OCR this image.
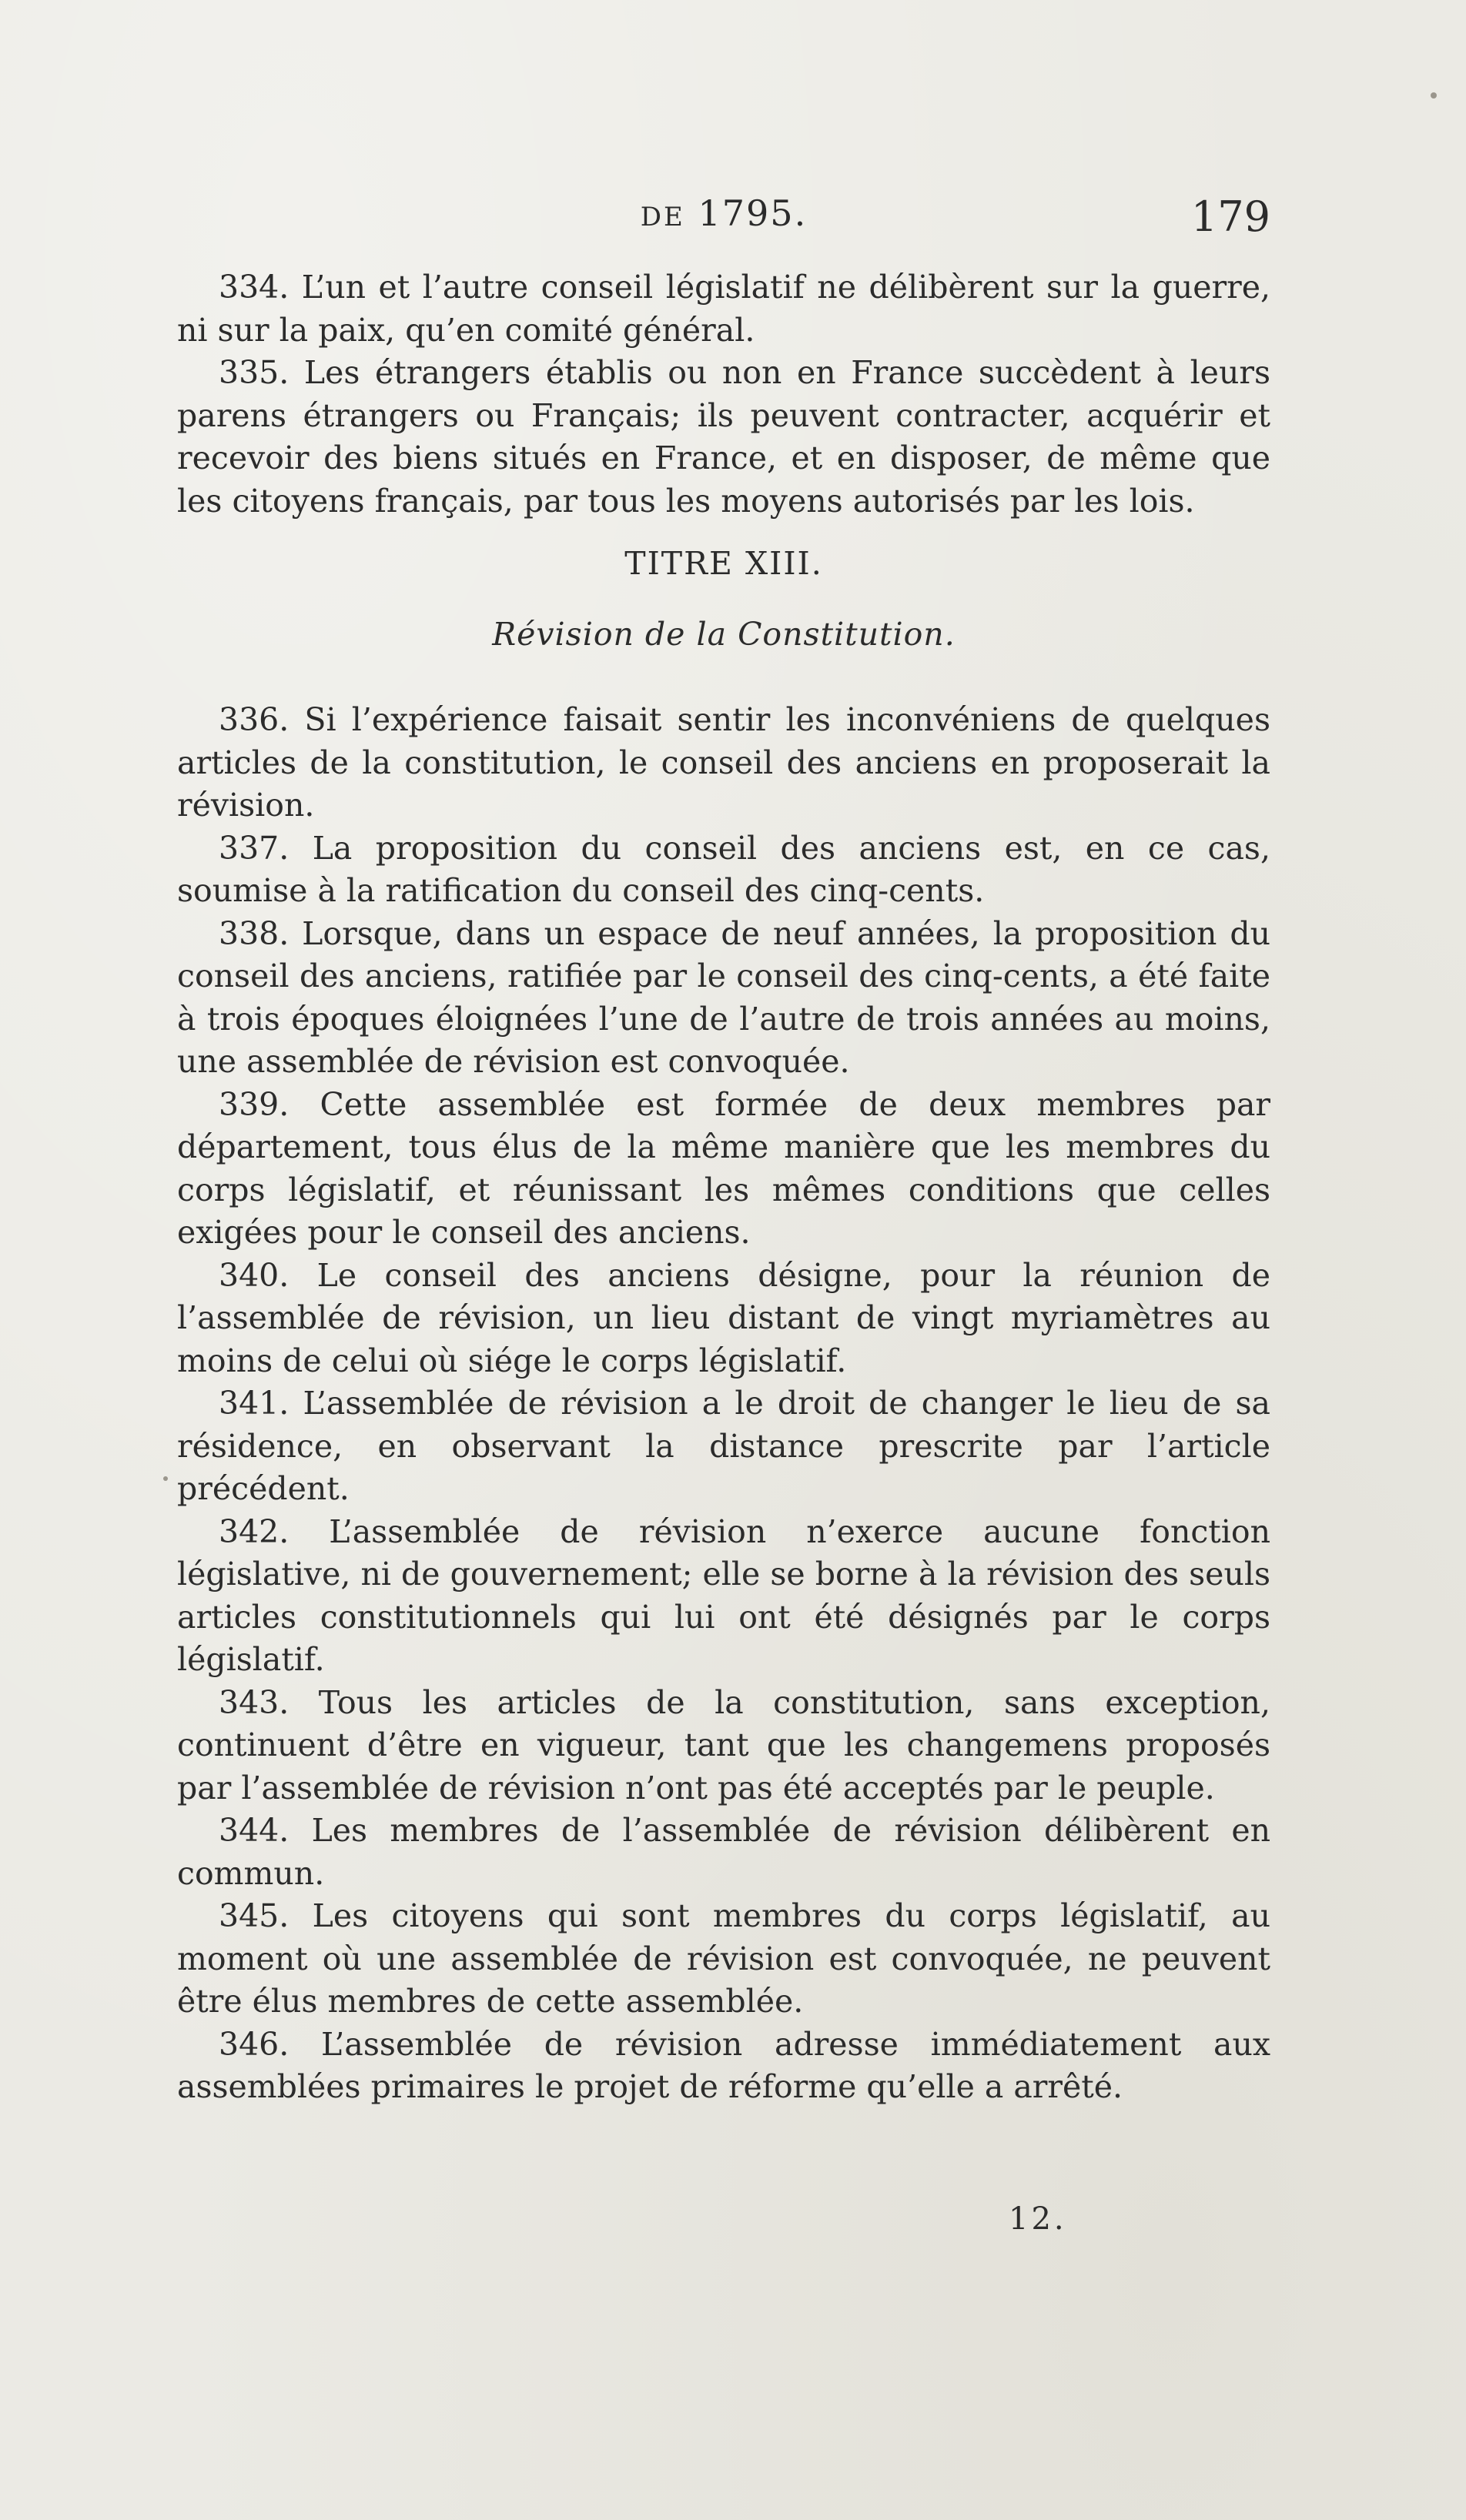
DE 1795.	179

334. L’un et l’autre conseil législatif ne délibèrent sur la guerre, ni sur la paix, qu’en comité général.

335. Les étrangers établis ou non en France succèdent à leurs parens étrangers ou Français; ils peuvent contracter, acquérir et recevoir des biens situés en France, et en disposer, de même que les citoyens français, par tous les moyens autorisés par les lois.

TITRE XIII.

Révision de la Constitution.

336. Si l’expérience faisait sentir les inconvéniens de quelques articles de la constitution, le conseil des anciens en proposerait la révision.

337. La proposition du conseil des anciens est, en ce cas, soumise à la ratification du conseil des cinq-cents.

338. Lorsque, dans un espace de neuf années, la proposition du conseil des anciens, ratifiée par le conseil des cinq-cents, a été faite à trois époques éloignées l’une de l’autre de trois années au moins, une assemblée de révision est convoquée.

339. Cette assemblée est formée de deux membres par département, tous élus de la même manière que les membres du corps législatif, et réunissant les mêmes conditions que celles exigées pour le conseil des anciens.

340. Le conseil des anciens désigne, pour la réunion de l’assemblée de révision, un lieu distant de vingt myriamètres au moins de celui où siége le corps législatif.

341. L’assemblée de révision a le droit de changer le lieu de sa résidence, en observant la distance prescrite par l’article précédent.

342. L’assemblée de révision n’exerce aucune fonction législative, ni de gouvernement; elle se borne à la révision des seuls articles constitutionnels qui lui ont été désignés par le corps législatif.

343. Tous les articles de la constitution, sans exception, continuent d’être en vigueur, tant que les changemens proposés par l’assemblée de révision n’ont pas été acceptés par le peuple.

344. Les membres de l’assemblée de révision délibèrent en commun.

345. Les citoyens qui sont membres du corps législatif, au moment où une assemblée de révision est convoquée, ne peuvent être élus membres de cette assemblée.

346. L’assemblée de révision adresse immédiatement aux assemblées primaires le projet de réforme qu’elle a arrêté.

12.
